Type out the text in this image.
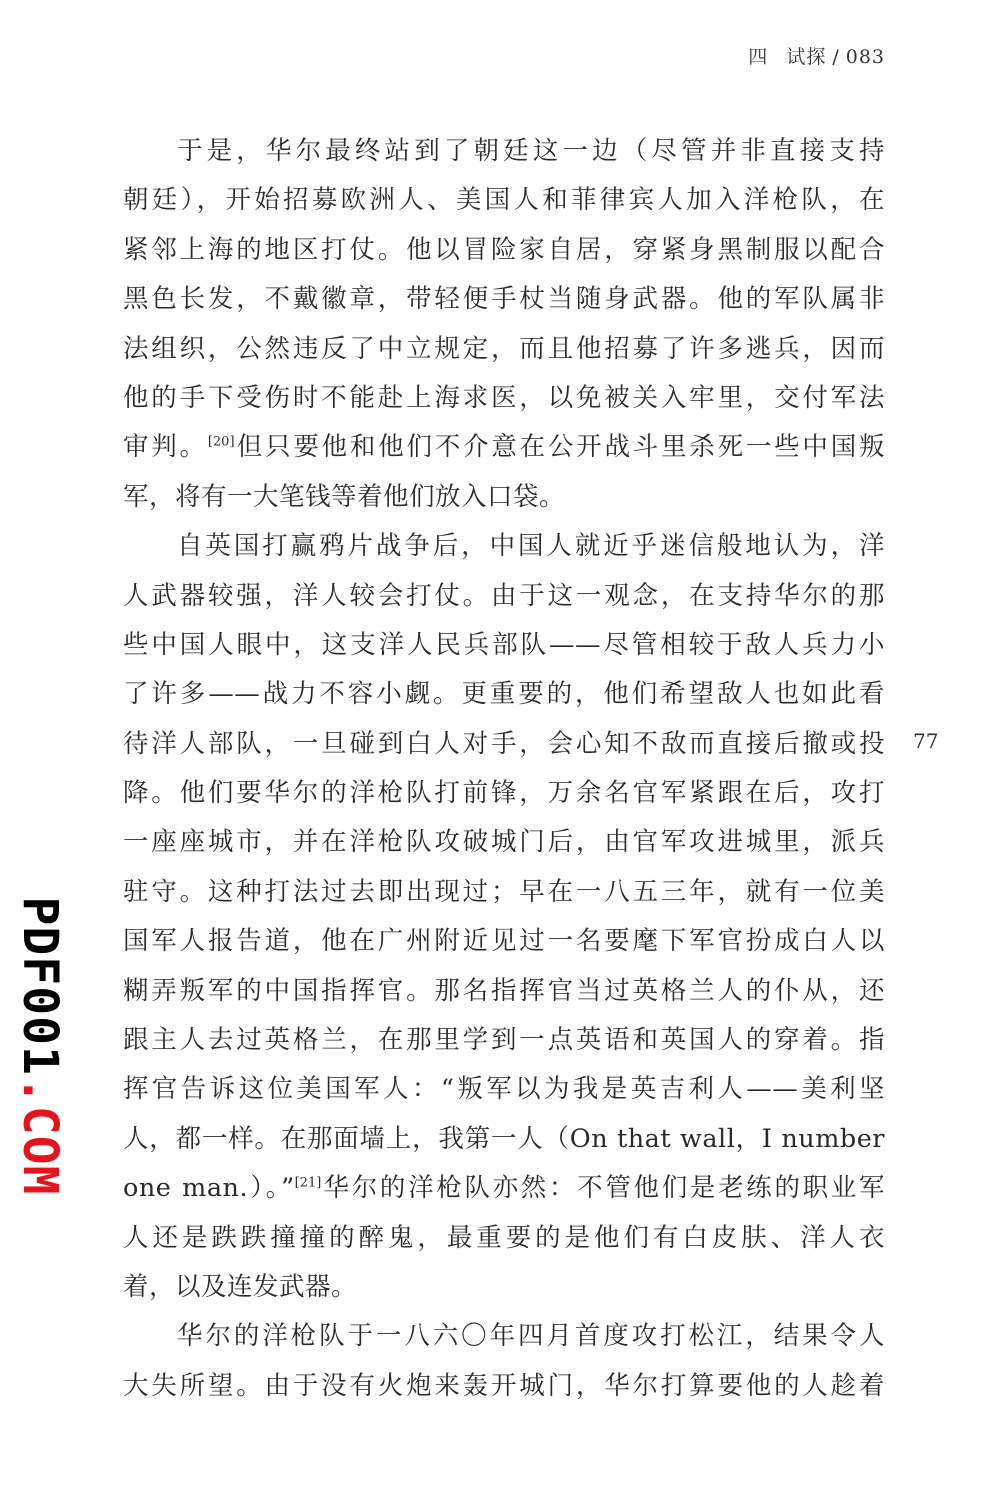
四 试探 / 083
于是，华尔最终站到了朝廷这一边（尽管并非直接支持
朝廷），开始招募欧洲人、美国人和菲律宾人加入洋枪队，在
紧邻上海的地区打仗。他以冒险家自居，穿紧身黑制服以配合
黑色长发，不戴徽章，带轻便手杖当随身武器。他的军队属非
法组织，公然违反了中立规定，而且他招募了许多逃兵，因而
他的手下受伤时不能赴上海求医，以免被关入牢里，交付军法
审判。[20]但只要他和他们不介意在公开战斗里杀死一些中国叛
军，将有一大笔钱等着他们放入口袋。
自英国打赢鸦片战争后，中国人就近乎迷信般地认为，洋
人武器较强，洋人较会打仗。由于这一观念，在支持华尔的那
些中国人眼中，这支洋人民兵部队——尽管相较于敌人兵力小
了许多——战力不容小觑。更重要的，他们希望敌人也如此看
待洋人部队，一旦碰到白人对手，会心知不敌而直接后撤或投
降。他们要华尔的洋枪队打前锋，万余名官军紧跟在后，攻打
一座座城市，并在洋枪队攻破城门后，由官军攻进城里，派兵
驻守。这种打法过去即出现过；早在一八五三年，就有一位美
国军人报告道，他在广州附近见过一名要麾下军官扮成白人以
糊弄叛军的中国指挥官。那名指挥官当过英格兰人的仆从，还
跟主人去过英格兰，在那里学到一点英语和英国人的穿着。指
挥官告诉这位美国军人：“叛军以为我是英吉利人——美利坚
人，都一样。在那面墙上，我第一人（On that wall，I number
one man.）。”[21]华尔的洋枪队亦然：不管他们是老练的职业军
人还是跌跌撞撞的醉鬼，最重要的是他们有白皮肤、洋人衣
着，以及连发武器。
华尔的洋枪队于一八六〇年四月首度攻打松江，结果令人
大失所望。由于没有火炮来轰开城门，华尔打算要他的人趁着
77
PDF001.COM
